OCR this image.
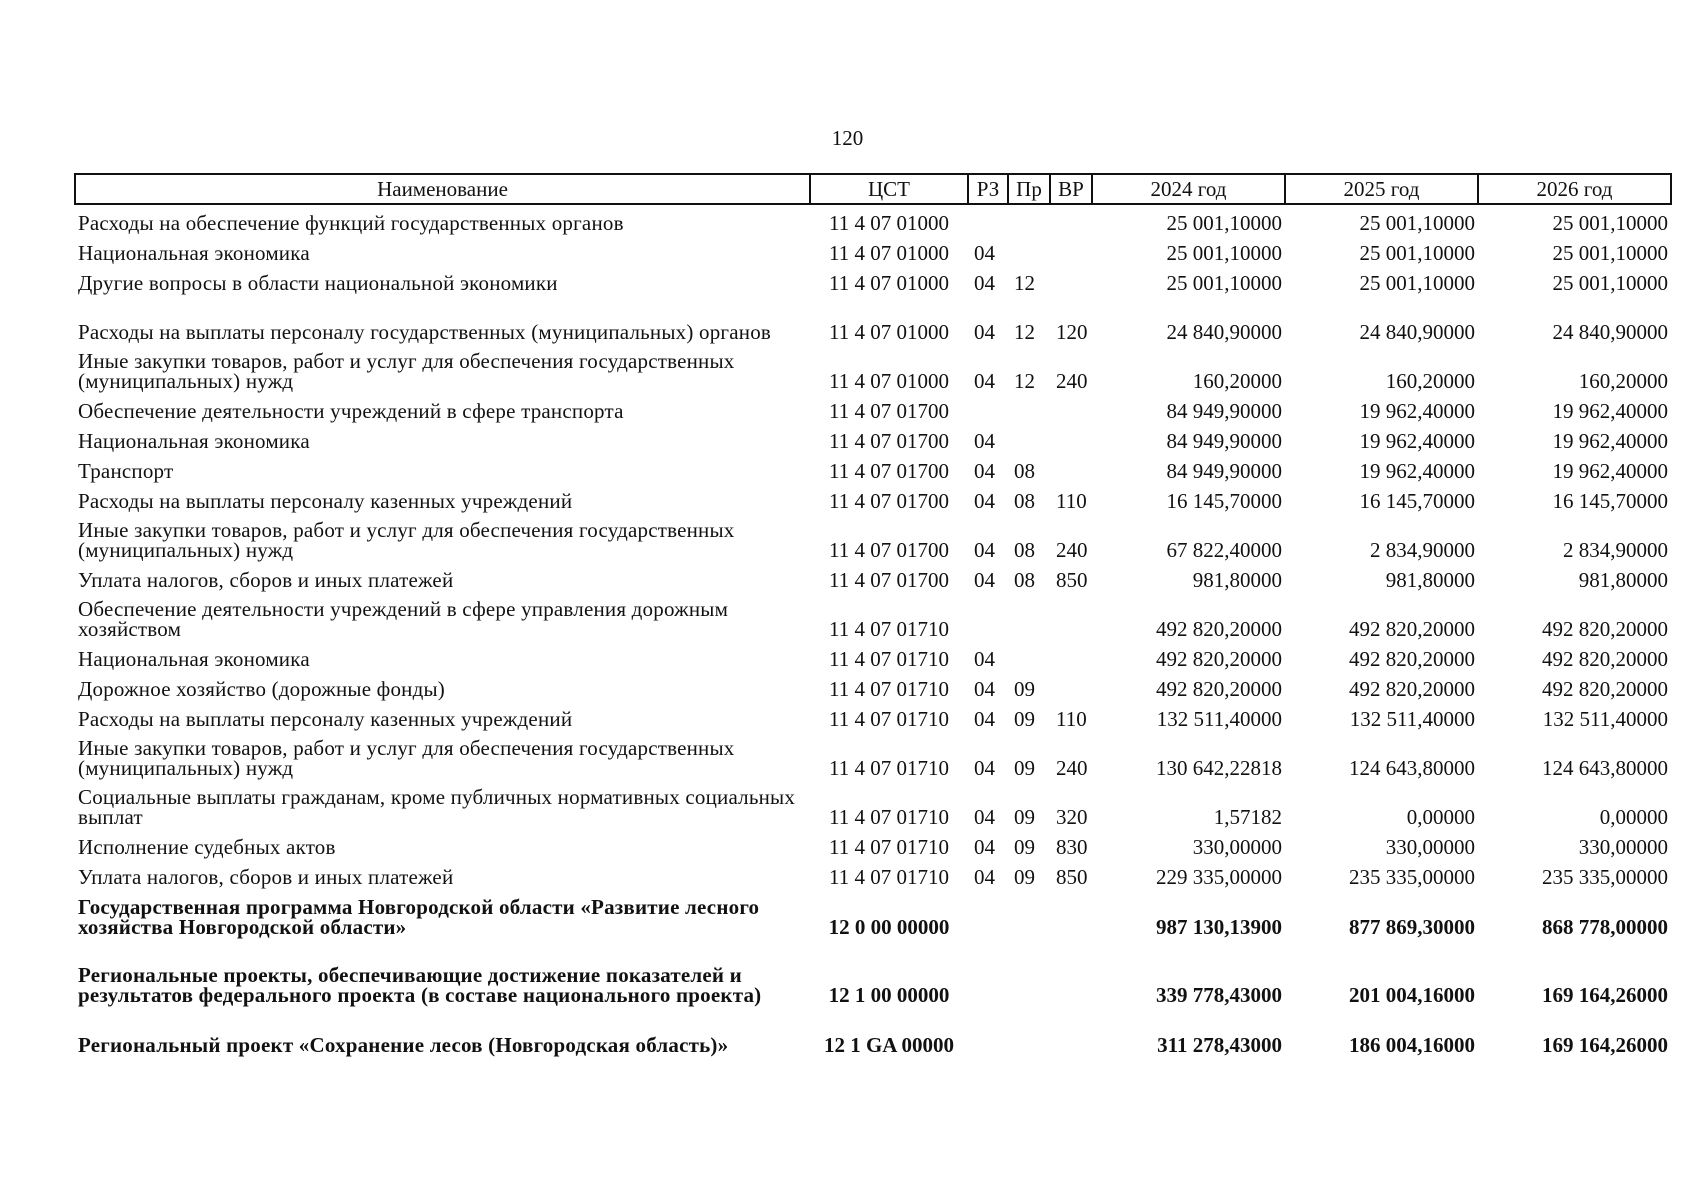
120
Наименование	ЦСТ	РЗ	Пр	ВР	2024 год	2025 год	2026 год
Расходы на обеспечение функций государственных органов	11 4 07 01000				25 001,10000	25 001,10000	25 001,10000
Национальная экономика	11 4 07 01000	04			25 001,10000	25 001,10000	25 001,10000
Другие вопросы в области национальной экономики	11 4 07 01000	04	12		25 001,10000	25 001,10000	25 001,10000
Расходы на выплаты персоналу государственных (муниципальных) органов	11 4 07 01000	04	12	120	24 840,90000	24 840,90000	24 840,90000
Иные закупки товаров, работ и услуг для обеспечения государственных (муниципальных) нужд	11 4 07 01000	04	12	240	160,20000	160,20000	160,20000
Обеспечение деятельности учреждений в сфере транспорта	11 4 07 01700				84 949,90000	19 962,40000	19 962,40000
Национальная экономика	11 4 07 01700	04			84 949,90000	19 962,40000	19 962,40000
Транспорт	11 4 07 01700	04	08		84 949,90000	19 962,40000	19 962,40000
Расходы на выплаты персоналу казенных учреждений	11 4 07 01700	04	08	110	16 145,70000	16 145,70000	16 145,70000
Иные закупки товаров, работ и услуг для обеспечения государственных (муниципальных) нужд	11 4 07 01700	04	08	240	67 822,40000	2 834,90000	2 834,90000
Уплата налогов, сборов и иных платежей	11 4 07 01700	04	08	850	981,80000	981,80000	981,80000
Обеспечение деятельности учреждений в сфере управления дорожным хозяйством	11 4 07 01710				492 820,20000	492 820,20000	492 820,20000
Национальная экономика	11 4 07 01710	04			492 820,20000	492 820,20000	492 820,20000
Дорожное хозяйство (дорожные фонды)	11 4 07 01710	04	09		492 820,20000	492 820,20000	492 820,20000
Расходы на выплаты персоналу казенных учреждений	11 4 07 01710	04	09	110	132 511,40000	132 511,40000	132 511,40000
Иные закупки товаров, работ и услуг для обеспечения государственных (муниципальных) нужд	11 4 07 01710	04	09	240	130 642,22818	124 643,80000	124 643,80000
Социальные выплаты гражданам, кроме публичных нормативных социальных выплат	11 4 07 01710	04	09	320	1,57182	0,00000	0,00000
Исполнение судебных актов	11 4 07 01710	04	09	830	330,00000	330,00000	330,00000
Уплата налогов, сборов и иных платежей	11 4 07 01710	04	09	850	229 335,00000	235 335,00000	235 335,00000
Государственная программа Новгородской области «Развитие лесного хозяйства Новгородской области»	12 0 00 00000				987 130,13900	877 869,30000	868 778,00000
Региональные проекты, обеспечивающие достижение показателей и результатов федерального проекта (в составе национального проекта)	12 1 00 00000				339 778,43000	201 004,16000	169 164,26000
Региональный проект «Сохранение лесов (Новгородская область)»	12 1 GA 00000				311 278,43000	186 004,16000	169 164,26000
